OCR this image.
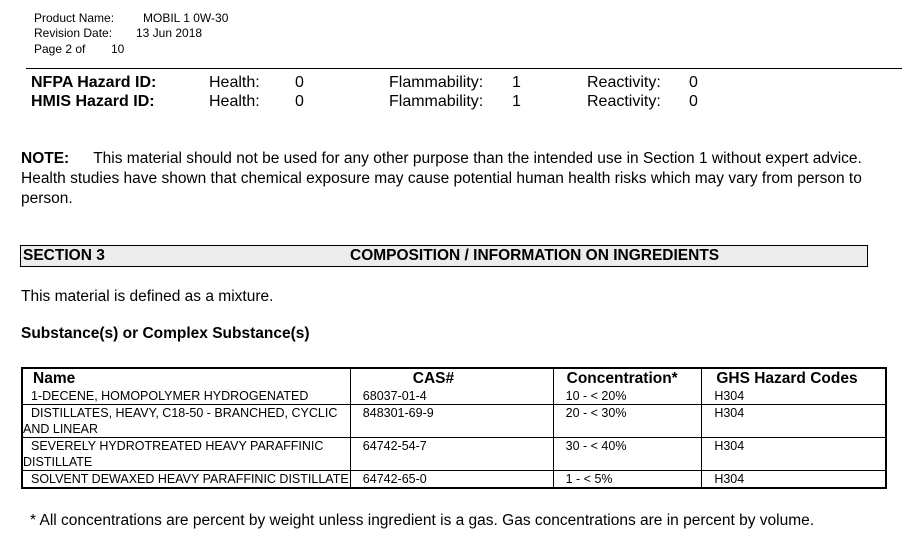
Product Name: MOBIL 1 0W-30
Revision Date: 13 Jun 2018
Page 2 of 10
NFPA Hazard ID:	Health: 0	Flammability: 1	Reactivity: 0
HMIS Hazard ID:	Health: 0	Flammability: 1	Reactivity: 0
NOTE: This material should not be used for any other purpose than the intended use in Section 1 without expert advice. Health studies have shown that chemical exposure may cause potential human health risks which may vary from person to person.
SECTION 3	COMPOSITION / INFORMATION ON INGREDIENTS
This material is defined as a mixture.
Substance(s) or Complex Substance(s)
Name	CAS#	Concentration*	GHS Hazard Codes
1-DECENE, HOMOPOLYMER HYDROGENATED	68037-01-4	10 - < 20%	H304
DISTILLATES, HEAVY, C18-50 - BRANCHED, CYCLIC AND LINEAR	848301-69-9	20 - < 30%	H304
SEVERELY HYDROTREATED HEAVY PARAFFINIC DISTILLATE	64742-54-7	30 - < 40%	H304
SOLVENT DEWAXED HEAVY PARAFFINIC DISTILLATE	64742-65-0	1 - < 5%	H304
* All concentrations are percent by weight unless ingredient is a gas. Gas concentrations are in percent by volume.
